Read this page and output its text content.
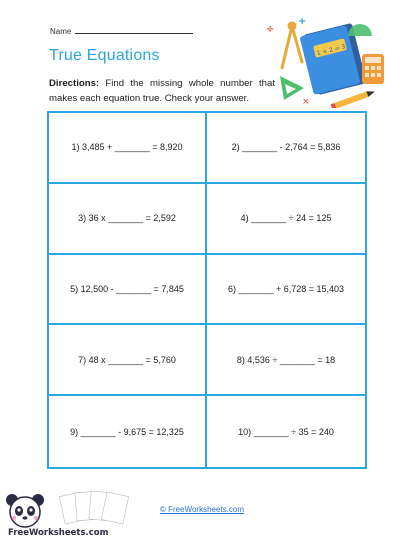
Name
True Equations
Directions: Find the missing whole number that makes each equation true. Check your answer.
÷
+
1 + 2 = 3
×
1) 3,485 + _______ = 8,920	2) _______ - 2,764 = 5,836
3) 36 x _______ = 2,592	4) _______ ÷ 24 = 125
5) 12,500 - _______ = 7,845	6) _______ + 6,728 = 15,403
7) 48 x _______ = 5,760	8) 4,536 ÷ _______ = 18
9) _______ - 9,675 = 12,325	10) _______ ÷ 35 = 240
FreeWorksheets.com
© FreeWorksheets.com
